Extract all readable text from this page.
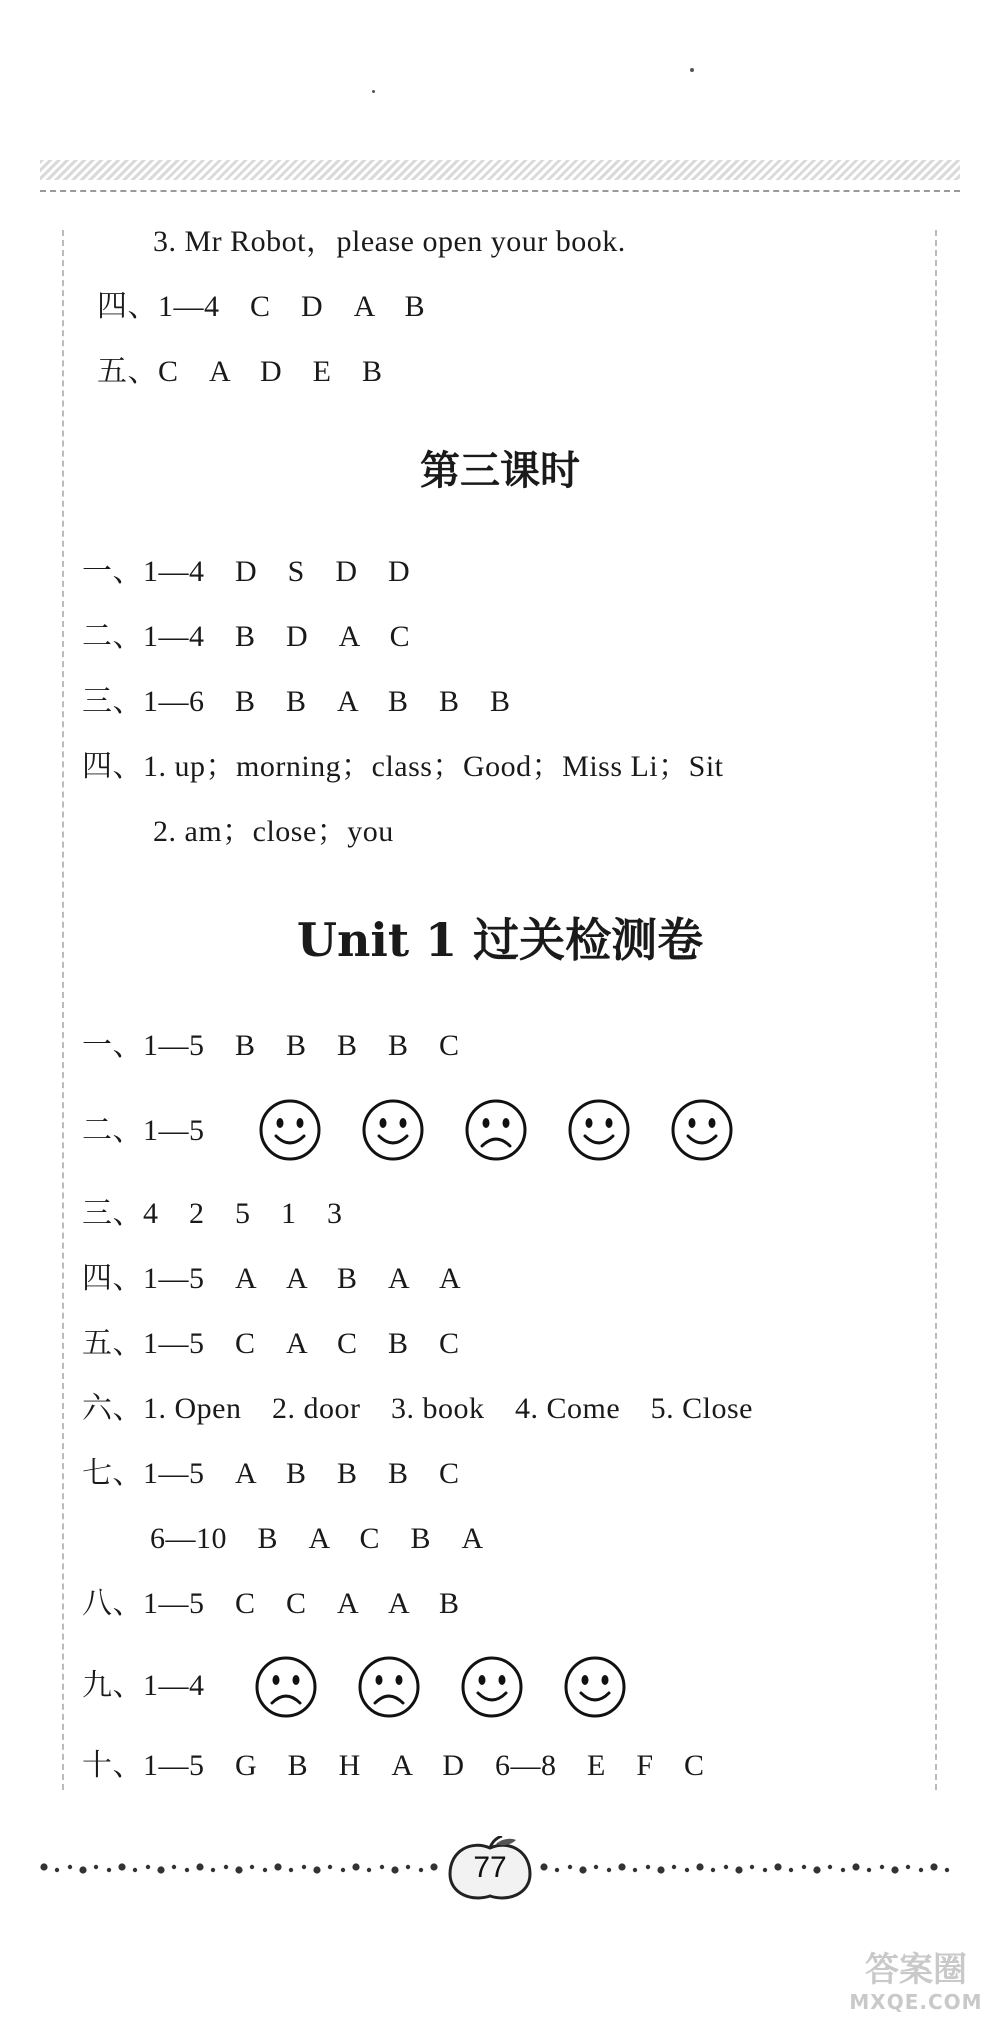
3. Mr Robot，please open your book.
四、1—4　C　D　A　B
五、C　A　D　E　B
第三课时
一、1—4　D　S　D　D
二、1—4　B　D　A　C
三、1—6　B　B　A　B　B　B
四、1. up；morning；class；Good；Miss Li；Sit
2. am；close；you
Unit 1 过关检测卷
一、1—5　B　B　B　B　C
二、1—5
三、4　2　5　1　3
四、1—5　A　A　B　A　A
五、1—5　C　A　C　B　C
六、1. Open　2. door　3. book　4. Come　5. Close
七、1—5　A　B　B　B　C
6—10　B　A　C　B　A
八、1—5　C　C　A　A　B
九、1—4
十、1—5　G　B　H　A　D　6—8　E　F　C
77
答案圈
MXQE.COM
